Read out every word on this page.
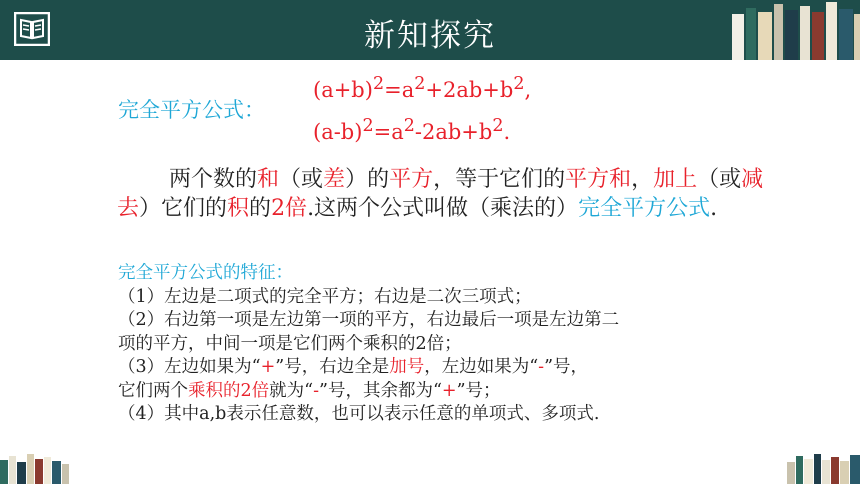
新知探究
完全平方公式：
$(a+b)^2=a^2+2ab+b^2$,
$(a-b)^2=a^2-2ab+b^2$.
两个数的和（或差）的平方，等于它们的平方和，加上（或减去）它们的积的2倍.这两个公式叫做（乘法的）完全平方公式.
完全平方公式的特征：
（1）左边是二项式的完全平方；右边是二次三项式；
（2）右边第一项是左边第一项的平方，右边最后一项是左边第二
项的平方，中间一项是它们两个乘积的2倍；
（3）左边如果为“+”号，右边全是加号，左边如果为“-”号，
它们两个乘积的2倍就为“-”号，其余都为“+”号；
（4）其中a,b表示任意数，也可以表示任意的单项式、多项式.
